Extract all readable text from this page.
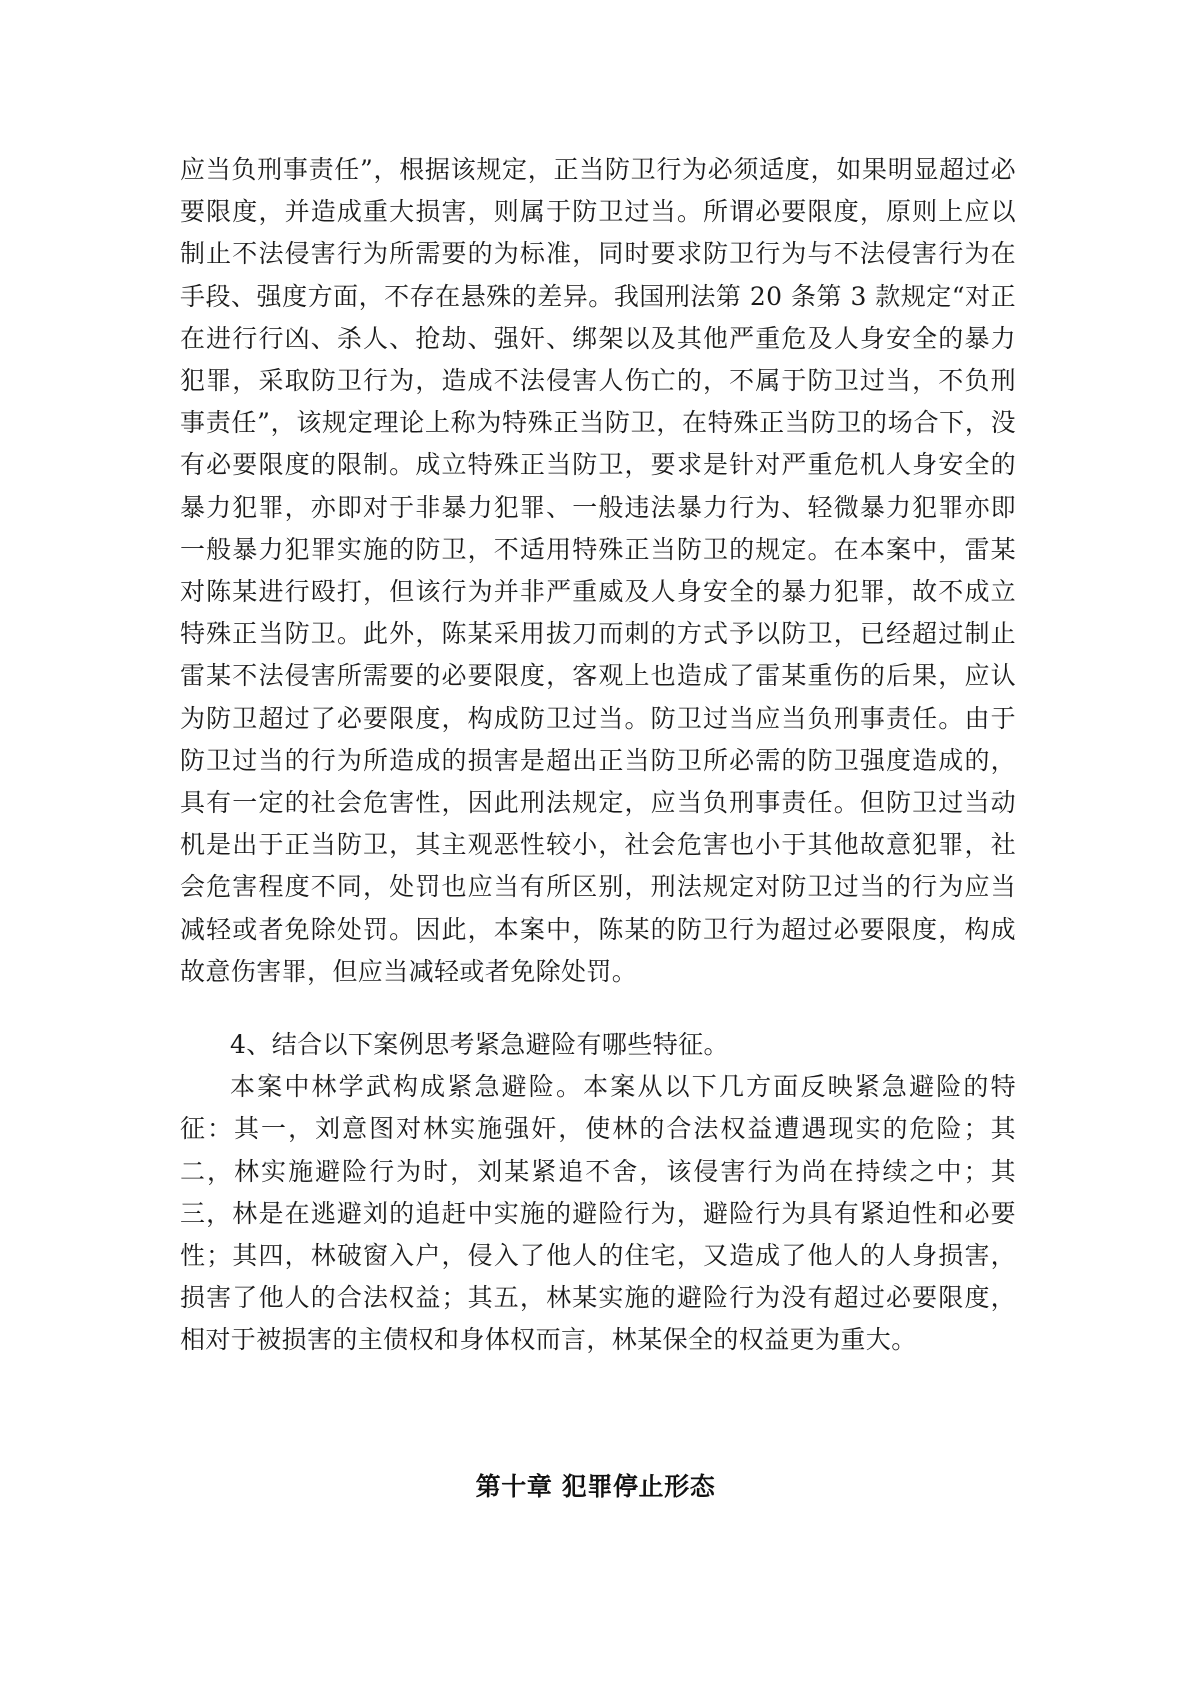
应当负刑事责任”，根据该规定，正当防卫行为必须适度，如果明显超过必要限度，并造成重大损害，则属于防卫过当。所谓必要限度，原则上应以制止不法侵害行为所需要的为标准，同时要求防卫行为与不法侵害行为在手段、强度方面，不存在悬殊的差异。我国刑法第 20 条第 3 款规定“对正在进行行凶、杀人、抢劫、强奸、绑架以及其他严重危及人身安全的暴力犯罪，采取防卫行为，造成不法侵害人伤亡的，不属于防卫过当，不负刑事责任”，该规定理论上称为特殊正当防卫，在特殊正当防卫的场合下，没有必要限度的限制。成立特殊正当防卫，要求是针对严重危机人身安全的暴力犯罪，亦即对于非暴力犯罪、一般违法暴力行为、轻微暴力犯罪亦即一般暴力犯罪实施的防卫，不适用特殊正当防卫的规定。在本案中，雷某对陈某进行殴打，但该行为并非严重威及人身安全的暴力犯罪，故不成立特殊正当防卫。此外，陈某采用拔刀而刺的方式予以防卫，已经超过制止雷某不法侵害所需要的必要限度，客观上也造成了雷某重伤的后果，应认为防卫超过了必要限度，构成防卫过当。防卫过当应当负刑事责任。由于防卫过当的行为所造成的损害是超出正当防卫所必需的防卫强度造成的，具有一定的社会危害性，因此刑法规定，应当负刑事责任。但防卫过当动机是出于正当防卫，其主观恶性较小，社会危害也小于其他故意犯罪，社会危害程度不同，处罚也应当有所区别，刑法规定对防卫过当的行为应当减轻或者免除处罚。因此，本案中，陈某的防卫行为超过必要限度，构成故意伤害罪，但应当减轻或者免除处罚。

4、结合以下案例思考紧急避险有哪些特征。

本案中林学武构成紧急避险。本案从以下几方面反映紧急避险的特征：其一，刘意图对林实施强奸，使林的合法权益遭遇现实的危险；其二，林实施避险行为时，刘某紧追不舍，该侵害行为尚在持续之中；其三，林是在逃避刘的追赶中实施的避险行为，避险行为具有紧迫性和必要性；其四，林破窗入户，侵入了他人的住宅，又造成了他人的人身损害，损害了他人的合法权益；其五，林某实施的避险行为没有超过必要限度，相对于被损害的主债权和身体权而言，林某保全的权益更为重大。

第十章 犯罪停止形态
